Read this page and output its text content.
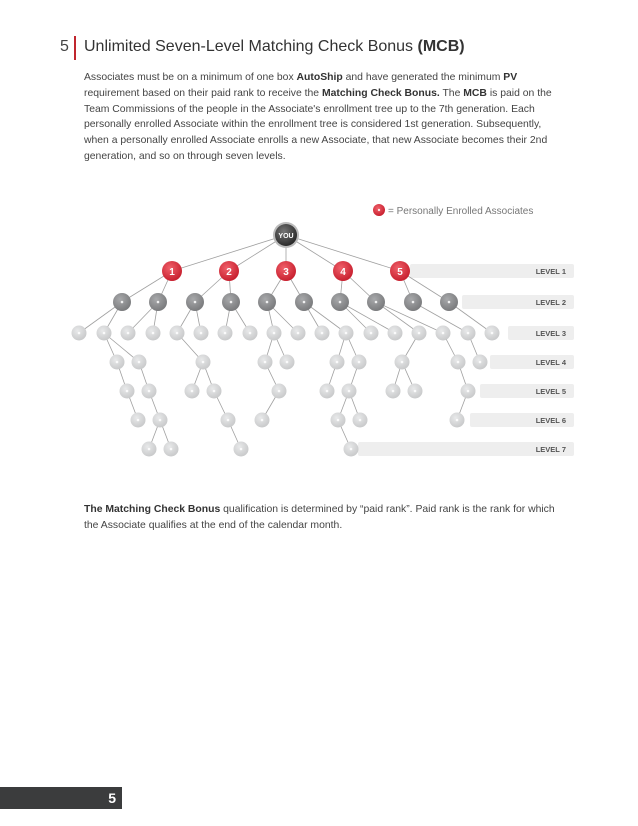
5 Unlimited Seven-Level Matching Check Bonus (MCB)
Associates must be on a minimum of one box AutoShip and have generated the minimum PV requirement based on their paid rank to receive the Matching Check Bonus. The MCB is paid on the Team Commissions of the people in the Associate's enrollment tree up to the 7th generation. Each personally enrolled Associate within the enrollment tree is considered 1st generation. Subsequently, when a personally enrolled Associate enrolls a new Associate, that new Associate becomes their 2nd generation, and so on through seven levels.
LEVEL 1
LEVEL 2
LEVEL 3
LEVEL 4
LEVEL 5
LEVEL 6
LEVEL 7
1	2	3	4	5
YOU
= Personally Enrolled Associates
The Matching Check Bonus qualification is determined by “paid rank”. Paid rank is the rank for which the Associate qualifies at the end of the calendar month.
5
